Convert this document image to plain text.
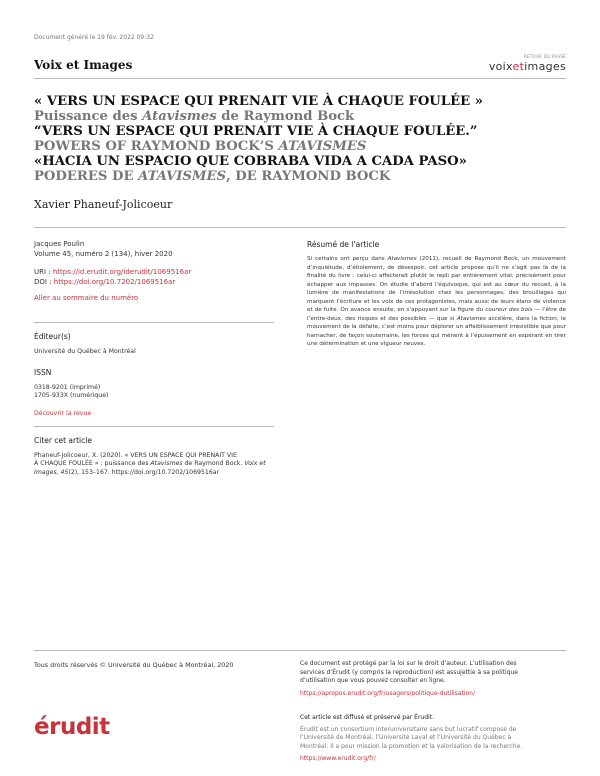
Document généré le 19 fév. 2022 09:32
Voix et Images
RETOUR DU PASSÉ
voixetimages
« VERS UN ESPACE QUI PRENAIT VIE À CHAQUE FOULÉE »
Puissance des Atavismes de Raymond Bock
“VERS UN ESPACE QUI PRENAIT VIE À CHAQUE FOULÉE.”
POWERS OF RAYMOND BOCK’S ATAVISMES
«HACIA UN ESPACIO QUE COBRABA VIDA A CADA PASO»
PODERES DE ATAVISMES, DE RAYMOND BOCK
Xavier Phaneuf-Jolicoeur
Jacques Poulin
Volume 45, numéro 2 (134), hiver 2020
URI : https://id.erudit.org/iderudit/1069516ar
DOI : https://doi.org/10.7202/1069516ar
Aller au sommaire du numéro
Éditeur(s)
Université du Québec à Montréal
ISSN
0318-9201 (imprimé)
1705-933X (numérique)
Découvrir la revue
Citer cet article
Phaneuf-Jolicoeur, X. (2020). « VERS UN ESPACE QUI PRENAIT VIE
À CHAQUE FOULÉE » : puissance des Atavismes de Raymond Bock. Voix et
Images, 45(2), 153–167. https://doi.org/10.7202/1069516ar
Résumé de l’article
Si certains ont perçu dans Atavismes (2011), recueil de Raymond Bock, un mouvement d’inquiétude, d’étiolement, de désespoir, cet article propose qu’il ne s’agit pas là de la finalité du livre : celui-ci affecterait plutôt le repli par entièrement vital, précisément pour échapper aux impasses. On étudie d’abord l’équivoque, qui est au cœur du recueil, à la lumière de manifestations de l’irrésolution chez les personnages, des brouillages qui marquent l’écriture et les voix de ces protagonistes, mais aussi de leurs élans de violence et de fuite. On avance ensuite, en s’appuyant sur la figure du coureur des bois — l’être de l’entre-deux, des risques et des possibles — que si Atavismes accélère, dans la fiction, le mouvement de la défaite, c’est moins pour déplorer un affaiblissement irrésistible que pour harnacher, de façon souterraine, les forces qui mènent à l’épuisement en espérant en tirer une détermination et une vigueur neuves.
Tous droits réservés © Université du Québec à Montréal, 2020	Ce document est protégé par la loi sur le droit d’auteur. L’utilisation des
services d’Érudit (y compris la reproduction) est assujettie à sa politique
d’utilisation que vous pouvez consulter en ligne.
https://apropos.erudit.org/fr/usagers/politique-dutilisation/
érudit	Cet article est diffusé et préservé par Érudit.
Érudit est un consortium interuniversitaire sans but lucratif composé de
l’Université de Montréal, l’Université Laval et l’Université du Québec à
Montréal. Il a pour mission la promotion et la valorisation de la recherche.
https://www.erudit.org/fr/
